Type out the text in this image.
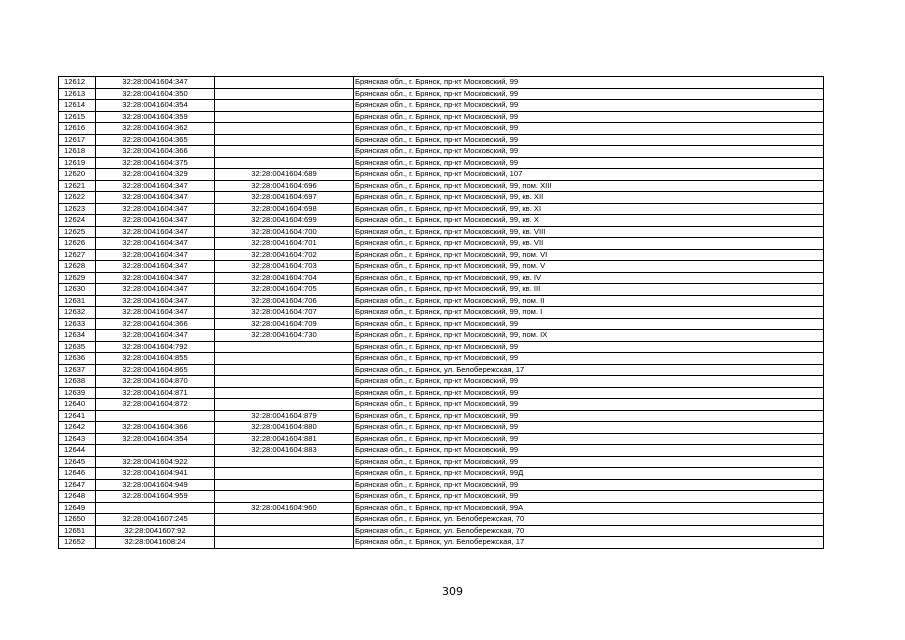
12612	32:28:0041604:347		Брянская обл., г. Брянск, пр-кт Московский, 99
12613	32:28:0041604:350		Брянская обл., г. Брянск, пр-кт Московский, 99
12614	32:28:0041604:354		Брянская обл., г. Брянск, пр-кт Московский, 99
12615	32:28:0041604:359		Брянская обл., г. Брянск, пр-кт Московский, 99
12616	32:28:0041604:362		Брянская обл., г. Брянск, пр-кт Московский, 99
12617	32:28:0041604:365		Брянская обл., г. Брянск, пр-кт Московский, 99
12618	32:28:0041604:366		Брянская обл., г. Брянск, пр-кт Московский, 99
12619	32:28:0041604:375		Брянская обл., г. Брянск, пр-кт Московский, 99
12620	32:28:0041604:329	32:28:0041604:689	Брянская обл., г. Брянск, пр-кт Московский, 107
12621	32:28:0041604:347	32:28:0041604:696	Брянская обл., г. Брянск, пр-кт Московский, 99, пом. XIII
12622	32:28:0041604:347	32:28:0041604:697	Брянская обл., г. Брянск, пр-кт Московский, 99, кв. XII
12623	32:28:0041604:347	32:28:0041604:698	Брянская обл., г. Брянск, пр-кт Московский, 99, кв. XI
12624	32:28:0041604:347	32:28:0041604:699	Брянская обл., г. Брянск, пр-кт Московский, 99, кв. X
12625	32:28:0041604:347	32:28:0041604:700	Брянская обл., г. Брянск, пр-кт Московский, 99, кв. VIII
12626	32:28:0041604:347	32:28:0041604:701	Брянская обл., г. Брянск, пр-кт Московский, 99, кв. VII
12627	32:28:0041604:347	32:28:0041604:702	Брянская обл., г. Брянск, пр-кт Московский, 99, пом. VI
12628	32:28:0041604:347	32:28:0041604:703	Брянская обл., г. Брянск, пр-кт Московский, 99, пом. V
12629	32:28:0041604:347	32:28:0041604:704	Брянская обл., г. Брянск, пр-кт Московский, 99, кв. IV
12630	32:28:0041604:347	32:28:0041604:705	Брянская обл., г. Брянск, пр-кт Московский, 99, кв. III
12631	32:28:0041604:347	32:28:0041604:706	Брянская обл., г. Брянск, пр-кт Московский, 99, пом. II
12632	32:28:0041604:347	32:28:0041604:707	Брянская обл., г. Брянск, пр-кт Московский, 99, пом. I
12633	32:28:0041604:366	32:28:0041604:709	Брянская обл., г. Брянск, пр-кт Московский, 99
12634	32:28:0041604:347	32:28:0041604:730	Брянская обл., г. Брянск, пр-кт Московский, 99, пом. IX
12635	32:28:0041604:792		Брянская обл., г. Брянск, пр-кт Московский, 99
12636	32:28:0041604:855		Брянская обл., г. Брянск, пр-кт Московский, 99
12637	32:28:0041604:865		Брянская обл., г. Брянск, ул. Белобережская, 17
12638	32:28:0041604:870		Брянская обл., г. Брянск, пр-кт Московский, 99
12639	32:28:0041604:871		Брянская обл., г. Брянск, пр-кт Московский, 99
12640	32:28:0041604:872		Брянская обл., г. Брянск, пр-кт Московский, 99
12641		32:28:0041604:879	Брянская обл., г. Брянск, пр-кт Московский, 99
12642	32:28:0041604:366	32:28:0041604:880	Брянская обл., г. Брянск, пр-кт Московский, 99
12643	32:28:0041604:354	32:28:0041604:881	Брянская обл., г. Брянск, пр-кт Московский, 99
12644		32:28:0041604:883	Брянская обл., г. Брянск, пр-кт Московский, 99
12645	32:28:0041604:922		Брянская обл., г. Брянск, пр-кт Московский, 99
12646	32:28:0041604:941		Брянская обл., г. Брянск, пр-кт Московский, 99Д
12647	32:28:0041604:949		Брянская обл., г. Брянск, пр-кт Московский, 99
12648	32:28:0041604:959		Брянская обл., г. Брянск, пр-кт Московский, 99
12649		32:28:0041604:960	Брянская обл., г. Брянск, пр-кт Московский, 99А
12650	32:28:0041607:245		Брянская обл., г. Брянск, ул. Белобережская, 70
12651	32:28:0041607:92		Брянская обл., г. Брянск, ул. Белобережская, 70
12652	32:28:0041608:24		Брянская обл., г. Брянск, ул. Белобережская, 17
309
